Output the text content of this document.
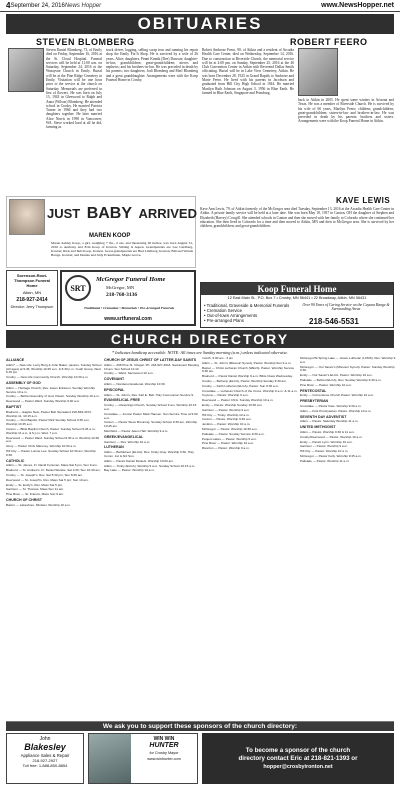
4 September 24, 2016 News Hopper	www.NewsHopper.net
OBITUARIES
STEVEN BLOMBERG
Steven Daniel Blomberg, 73, of Emily died on Friday, September 16, 2016 at the St. Cloud Hospital. Funeral services will be held at 11:00 a.m. on Saturday, September 24, 2016 at the Wasayson Church in Emily. Burial will be at the Pine Ridge Cemetery in Emily. Visitation will be one hour prior to the service at the church on Saturday. Memorials are preferred in lieu of flowers. He was born on July 13, 1943 in Glenwood to Ralph and Anna (Wilson) Blomberg. He attended school in Crosby. He married Patricia Turner in 1966 and they had two daughters together. He later married Alice Norris in 1990 in Vancouver, WA. Steve worked hard at all he did, farming as
truck driver, logging, selling scrap iron and running his repair shop the Emily Fix-It Shop. He is survived by a wife of 26 years, Alice; daughters, Penni Kinnik (Dee) Dawson; daughter-in-law; grandchildren; great-grandchildren; nieces and nephews; and his brothers-in-law. He was preceded in death by his parents; two daughters; Jodi Blomberg and Merl Blomberg and a great granddaughter. Arrangements were with the Koop Funeral Home in Crosby.
ROBERT FEERO
Robert Ambrose Feero, 90, of Aitkin and a resident of Arcadia Health Care Center, died on Wednesday, September 14, 2016. Due to construction at Riverside Church, the memorial service will be at 2:00 pm. on Sunday, September 25, 2016 at the 40 Club Convention Center in Aitkin with Reverend Dallas Smith officiating. Burial will be in Lake View Cemetery, Aitkin. He was born December 28, 1925 in Grand Rapids to Ambrose and Marie Feero. He lived with his parents in Jacobson and graduated from Hill City High School in 1944. He married Marilyn Ruth Johnson on August 3, 1956 in Blue Earth. He farmed in Blue Earth, Singapore and Prinsburg.
back to Aitkin in 2005. He spent some winters in Arizona and Texas. He was a member of Riverside Church. He is survived by his wife of 60 years, Marilyn Feero; children; grandchildren; great-grandchildren; sisters-in-law and brothers-in-law. He was preceded in death by his parents; brothers and sisters. Arrangements were with the Koop Funeral Home in Aitkin.
JUST BABY ARRIVED
MAREN KOOP
Maren Ashley Koop, a girl, weighing 7 lbs., 4 ozs. and measuring 20 inches, was born August 31, 2016 to Anthony and Erin Koop of Ironton. Sibling is Aspen. Grandparents are Lee Lindberg, Ironton; Rick and Deb Koop, Ironton. Great-grandparents are Bud Lindberg, Ironton; Bill and Wanda Bonge, Ironton; and Dennis and Judy Eckermann, Maple Grove.
KAVE LEWIS
Kave Ann Lewis, 79, of Aitkin formerly of the McGregor area died Tuesday, September 13, 2016 at the Arcadia Health Care Center in Aitkin. A private family service will be held at a later date. She was born May 18, 1937 in Canton, OH the daughter of Stephen and Elizabeth (Harvey) Cowgill. She attended schools in Canton and then she moved with her family to Colorado where she continued her education. She then lived in Colorado for a time and then moved to Aitkin, MN and then to McGregor area. She is survived by her children, grandchildren; and great-grandchildren.
Sorenson-Root-Thompson Funeral Home
Aitkin, MN
218-927-2414
Director: Jerry Thompson
SRT
McGregor Funeral Home
McGregor, MN
218-768-3136
Traditional • Cremation • Memorials • Pre-Arranged Funerals
www.srtfuneral.com
Koop Funeral Home
12 East Main St., P.O. Box 7 • Crosby, MN 56441 • 22 Broadway, Aitkin, MN 56431
• Traditional, Graveside & Memorial Funerals
• Cremation Service
• Out-of-town Arrangements
• Pre-arranged Plans
Over 90 Years of Caring Service on the Cuyuna Range & Surrounding Areas
218-546-5531
CHURCH DIRECTORY
* Indicates handicap accessible. NOTE: All times are Sunday morning (a.m.) unless indicated otherwise.

ALLIANCE

Aitkin* — New Life: Larry Burg & John Baker, pastors. Sunday School (All ages) at 9:45, Worship 10:45 a.m. & 6:30 p.m. Youth Group, Wed 6:15 pm.

Crosby — New Life Community Church, Worship 10:30 a.m.

ASSEMBLY OF GOD

Aitkin — Heritage Church, Rev. Jason Erickson. Sunday Worship Service 10 a.m.

Crosby — Bethel Assembly of God, Pastor. Sunday Worship 10 a.m.

Deerwood — Pastor Ward. Sunday Worship 9:30 a.m.

BAPTIST

Brainerd — Eagles Nest, Pastor Bob Stensland 218-829-4372. Worship 11, 10:15 a.m.

Crosby — First Baptist, Pastor Rick Sunday School 9:30 a.m. Worship 10:45 a.m.

Ironton — Bible Baptist Church, Pastor. Sunday School 9:45 a.m.; Worship 11 a.m. & 6 p.m. Wed. 7 p.m.

Deerwood — Pastor Ward. Sunday School 9:30 a.m. Worship 10:30 a.m.

Glory — Pastor Chris Maroney. Worship 10:30 a.m.

Hill City — Pastor Lonnie Lee. Sunday School 10:30 am, Worship 9:30.

CATHOLIC

Aitkin — St. James, Fr. David Forsman. Mass Sat 5 pm, Sun 9 am.

Brainerd — St. Andrew's, Fr. Daniel Weiske. Sat 4:30; Sun 10:30 am.

Crosby — St. Joseph's, Rev. Sat 5:30 pm; Sun 8:30 am.

Deerwood — St. Joseph's, Rev. Mass Sat 5 pm; Sun 10 am.

Emily — St. Emily's, Rev. Mass Sat 5 pm.

Garrison — St. Thomas, Mass Sun 11 am.

Pine River — St. Francis, Mass Sun 9 am.

CHURCH OF CHRIST

Baxter — Lakeshore, Minister. Worship 10 a.m.

CHURCH OF JESUS CHRIST OF LATTER-DAY SAINTS

Aitkin — 206 Pine St. Chapel. Ph. 218-927-4616. Sacrament Meeting 10 am. Sun School 11:10.

Crosby — Ward. Sacrament 10 a.m.

COVENANT

Aitkin — Nondenominational. Worship 10:30.

EPISCOPAL

Aitkin — St. John's, Rev. Karl E. Bell. Holy Communion Service 9.

EVANGELICAL FREE

Crosby — Lifesprings Church, Sunday School 9 am, Worship 10:15 a.m.

Crosslake — Ironton Pastor Mark Hansen. Sun Service Time at 9:00 a.m.

Ironton — Pastor Steve Brenning. Sunday School 9:30 am, Worship 10:45 am.

Merrifield — Pastor Jason Hall. Worship 9 a.m.

GREEK/EVANGELICAL

Garrison — Rev. Worship 10 a.m.

LUTHERAN

Aitkin — Bethlehem (ELCA): Rev. Cindy Gray. Worship 9:30, Holy Comm. 1st & 3rd Sun.

Aitkin — Pastor Daniel Daniels. Worship 10:00 am.

Aitkin — Trinity (ELCA). Worship 9 a.m. Sunday School 10:15 a.m.

Bay Lake — Pastor. Worship 10 a.m.

month, 9:30 am - 3 pm

Aitkin — St. John's (Missouri Synod), Pastor. Worship Sun 9 a.m.

Baxter — Christ Lutheran Church (WELS). Pastor. Worship Service 9:30 am.

Brainerd — Pastor Daniel Worship 9 a.m. Bible Class Wednesday.

Crosby — Bethany (ELCA), Pastor. Worship Sunday 9:30 am.

Crosby — Faith Lutheran (ELCA), Pastor. Sun 9:30 a.m.

Crosslake — Lutheran Church of the Cross. Worship 9 a.m. & 11 a.m.

Cuyuna — Pastor. Worship 9 a.m.

Deerwood — Pastor Chris. Sunday Worship 10 a.m.

Emily — Pastor. Worship Sunday 10:30 a.m.

Garrison — Pastor. Worship 9 a.m.

Hill City — Trinity. Worship 10 a.m.

Ironton — Pastor. Worship 9:30 a.m.

Jenkins — Pastor. Worship 10 a.m.

McGregor — Pastor. Worship 10:30 a.m.

Palisade — Pastor. Sunday Service 9:30 a.m.

Pequot Lakes — Pastor. Worship 9 a.m.

Pine River — Pastor. Worship 10 a.m.

Riverton — Pastor. Worship 9 a.m.

McGregor/St Spring Lake — Grace Lutheran (LCMS). Rev. Worship 9 a.m.

McGregor — Our Savior's (Missouri Synod). Pastor. Sunday Worship 9:30.

Emily — Our Savior's ELCA. Pastor. Worship 10 a.m.

Palisade — Bethel (ELCA), Rev. Sunday Worship 9:30 a.m.

Pine River — Pastor. Worship 10 a.m.

PENTECOSTAL

Emily — Cornerstone Church Pastor. Worship 10 a.m.

PRESBYTERIAN

Crosslake — Pastor Kate. Worship 9:30 a.m.

Aitkin — First Presbyterian. Pastor. Worship 10 a.m.

SEVENTH DAY ADVENTIST

Aitkin — Pastor. Saturday Worship 11 a.m.

UNITED METHODIST

Aitkin — Pastor. Worship 9:30 & 11 a.m.

Crosby/Deerwood — Pastor. Worship 10 a.m.

Emily — Pastor Lynn. Worship 10 a.m.

Garrison — Pastor. Worship 9 a.m.

Hill City — Pastor. Worship 10 a.m.

McGregor — Pastor Kelly. Worship 9:45 a.m.

Palisade — Pastor. Worship 11 a.m.

We ask you to support these sponsors of the church directory:
John
Blakesley
Appliance Sales & Repair
218-927-2927
Toll free: 1-888-850-8854
WIN WIN
HUNTER
for Crosby Mayor
www.winhunter.com
To become a sponsor of the church
directory contact Eric at 218-821-1393 or
hopper@crosbyironton.net
